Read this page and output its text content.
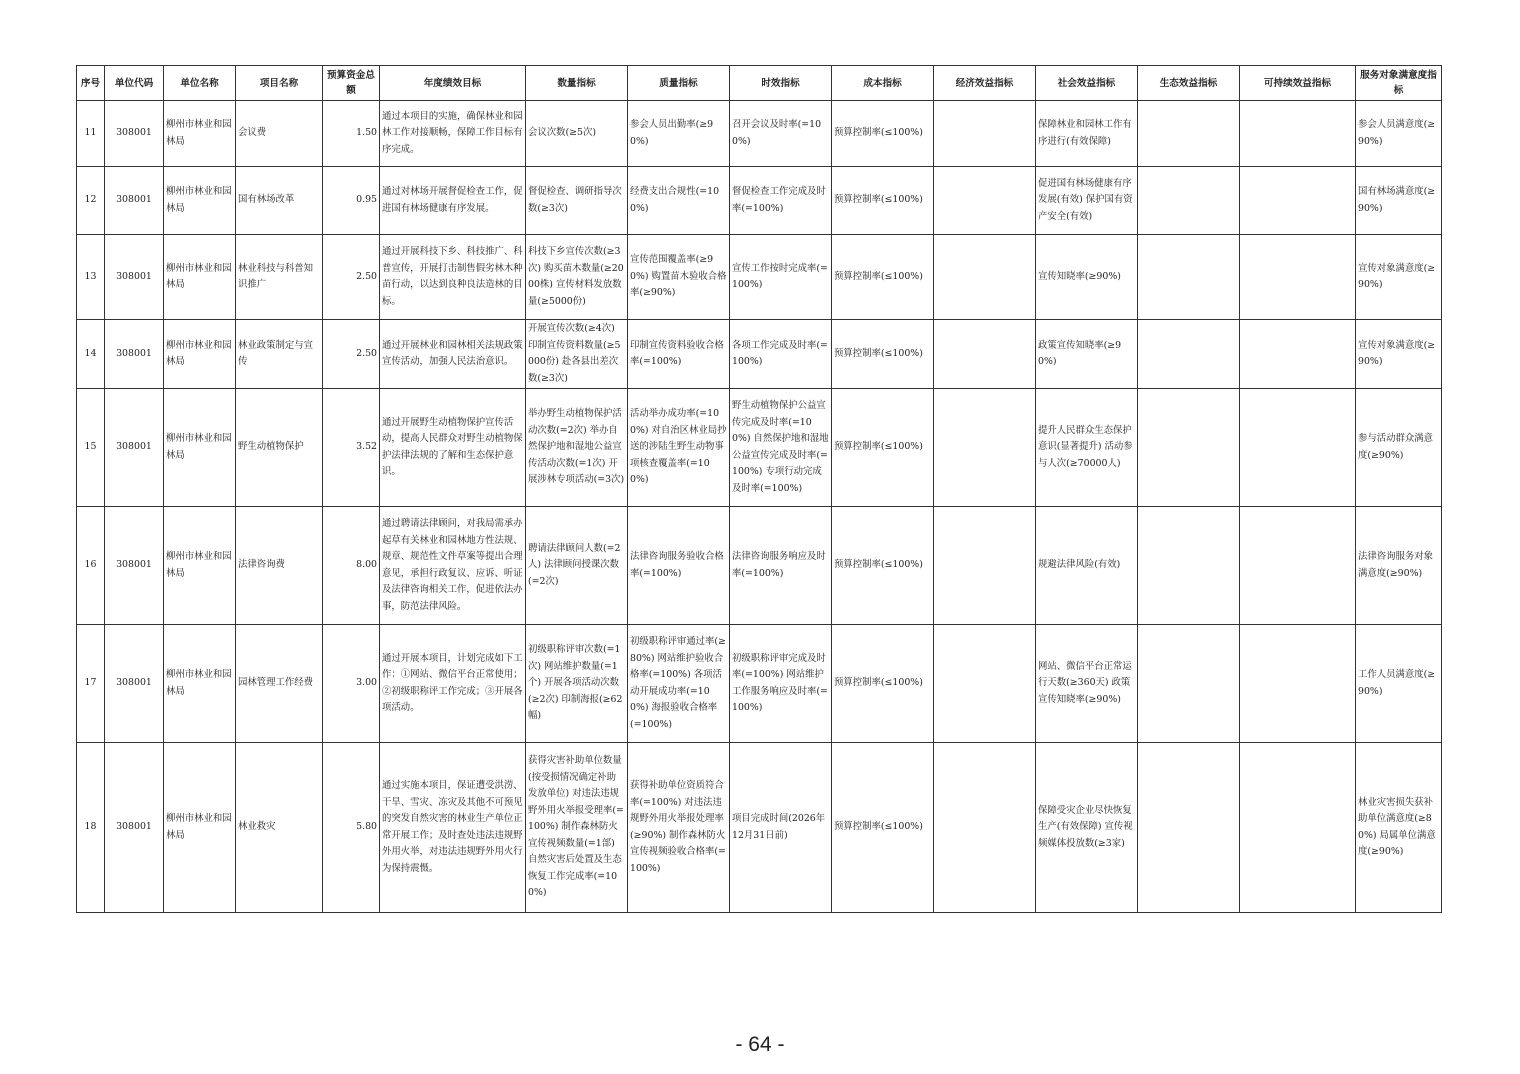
序号	单位代码	单位名称	项目名称	预算资金总额	年度绩效目标	数量指标	质量指标	时效指标	成本指标	经济效益指标	社会效益指标	生态效益指标	可持续效益指标	服务对象满意度指标
11	308001	柳州市林业和园林局	会议费	1.50	通过本项目的实施，确保林业和园林工作对接顺畅，保障工作目标有序完成。	会议次数(≥5次)	参会人员出勤率(≥90%)	召开会议及时率(=100%)	预算控制率(≤100%)		保障林业和园林工作有序进行(有效保障)			参会人员满意度(≥90%)
12	308001	柳州市林业和园林局	国有林场改革	0.95	通过对林场开展督促检查工作，促进国有林场健康有序发展。	督促检查、调研指导次数(≥3次)	经费支出合规性(=100%)	督促检查工作完成及时率(=100%)	预算控制率(≤100%)		促进国有林场健康有序发展(有效) 保护国有资产安全(有效)			国有林场满意度(≥90%)
13	308001	柳州市林业和园林局	林业科技与科普知识推广	2.50	通过开展科技下乡、科技推广、科普宣传，开展打击制售假劣林木种苗行动，以达到良种良法造林的目标。	科技下乡宣传次数(≥3次) 购买苗木数量(≥2000株) 宣传材料发放数量(≥5000份)	宣传范围覆盖率(≥90%) 购置苗木验收合格率(≥90%)	宣传工作按时完成率(=100%)	预算控制率(≤100%)		宣传知晓率(≥90%)			宣传对象满意度(≥90%)
14	308001	柳州市林业和园林局	林业政策制定与宣传	2.50	通过开展林业和园林相关法规政策宣传活动，加强人民法治意识。	开展宣传次数(≥4次) 印制宣传资料数量(≥5000份) 赴各县出差次数(≥3次)	印制宣传资料验收合格率(=100%)	各项工作完成及时率(=100%)	预算控制率(≤100%)		政策宣传知晓率(≥90%)			宣传对象满意度(≥90%)
15	308001	柳州市林业和园林局	野生动植物保护	3.52	通过开展野生动植物保护宣传活动，提高人民群众对野生动植物保护法律法规的了解和生态保护意识。	举办野生动植物保护活动次数(=2次) 举办自然保护地和湿地公益宣传活动次数(=1次) 开展涉林专项活动(=3次)	活动举办成功率(=100%) 对自治区林业局抄送的涉陆生野生动物事项核查覆盖率(=100%)	野生动植物保护公益宣传完成及时率(=100%) 自然保护地和湿地公益宣传完成及时率(=100%) 专项行动完成及时率(=100%)	预算控制率(≤100%)		提升人民群众生态保护意识(显著提升) 活动参与人次(≥70000人)			参与活动群众满意度(≥90%)
16	308001	柳州市林业和园林局	法律咨询费	8.00	通过聘请法律顾问，对我局需承办起草有关林业和园林地方性法规、规章、规范性文件草案等提出合理意见，承担行政复议、应诉、听证及法律咨询相关工作，促进依法办事，防范法律风险。	聘请法律顾问人数(=2人) 法律顾问授课次数(=2次)	法律咨询服务验收合格率(=100%)	法律咨询服务响应及时率(=100%)	预算控制率(≤100%)		规避法律风险(有效)			法律咨询服务对象满意度(≥90%)
17	308001	柳州市林业和园林局	园林管理工作经费	3.00	通过开展本项目，计划完成如下工作：①网站、微信平台正常使用；②初级职称评工作完成；③开展各项活动。	初级职称评审次数(=1次) 网站维护数量(=1个) 开展各项活动次数(≥2次) 印制海报(≥62幅)	初级职称评审通过率(≥80%) 网站维护验收合格率(=100%) 各项活动开展成功率(=100%) 海报验收合格率(=100%)	初级职称评审完成及时率(=100%) 网站维护工作服务响应及时率(=100%)	预算控制率(≤100%)		网站、微信平台正常运行天数(≥360天) 政策宣传知晓率(≥90%)			工作人员满意度(≥90%)
18	308001	柳州市林业和园林局	林业救灾	5.80	通过实施本项目，保证遭受洪涝、干旱、雪灾、冻灾及其他不可预见的突发自然灾害的林业生产单位正常开展工作；及时查处违法违规野外用火举，对违法违规野外用火行为保持震慑。	获得灾害补助单位数量(按受损情况确定补助发放单位) 对违法违规野外用火举报受理率(=100%) 制作森林防火宣传视频数量(=1部) 自然灾害后处置及生态恢复工作完成率(=100%)	获得补助单位资质符合率(=100%) 对违法违规野外用火举报处理率(≥90%) 制作森林防火宣传视频验收合格率(=100%)	项目完成时间(2026年12月31日前)	预算控制率(≤100%)		保障受灾企业尽快恢复生产(有效保障) 宣传视频媒体投放数(≥3家)			林业灾害损失获补助单位满意度(≥80%) 局属单位满意度(≥90%)
- 64 -
